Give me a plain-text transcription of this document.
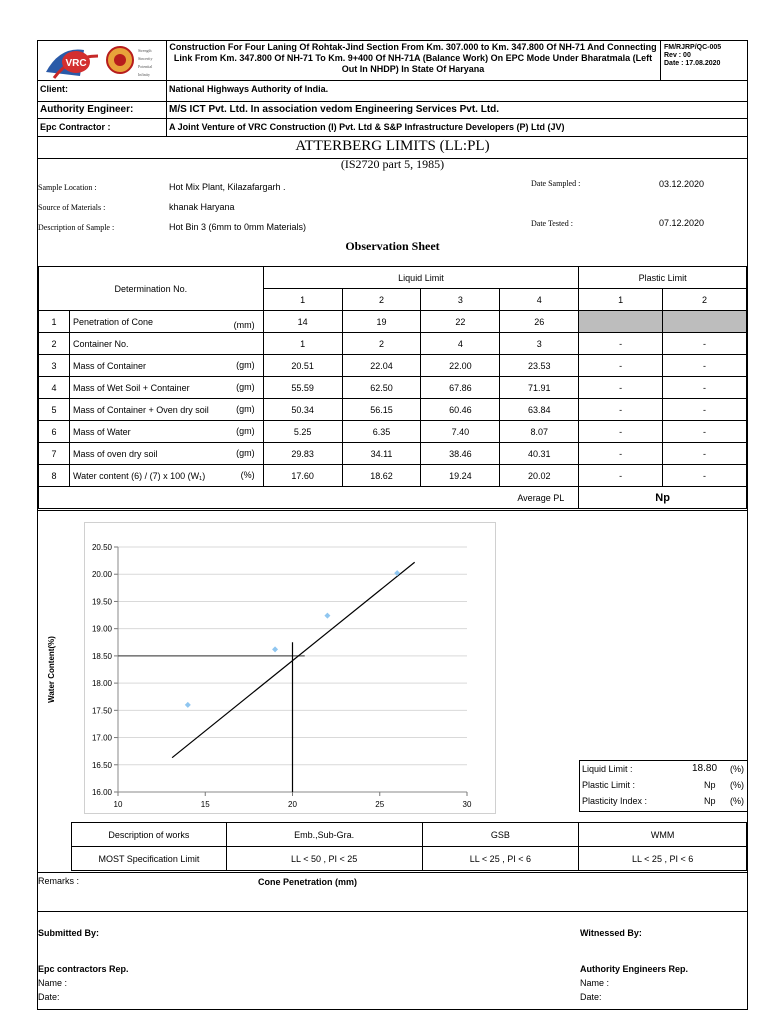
VRC
Strength
Sincerity
Potential
Infinity
Construction For Four Laning Of Rohtak-Jind Section From Km. 307.000 to Km. 347.800 Of NH-71 And Connecting Link From Km. 347.800 Of NH-71 To Km. 9+400 Of NH-71A (Balance Work) On EPC Mode Under Bharatmala (Left Out In NHDP) In State Of Haryana
FM/RJRP/QC-005
Rev : 00
Date : 17.08.2020
Client:	National Highways Authority of India.
Authority Engineer:	M/S ICT Pvt. Ltd. In association vedom Engineering Services Pvt. Ltd.
Epc Contractor :	A Joint Venture of VRC Construction (I) Pvt. Ltd & S&P Infrastructure Developers (P) Ltd (JV)
ATTERBERG LIMITS (LL:PL)
(IS2720 part 5, 1985)
Sample Location :	Hot Mix Plant, Kilazafargarh .
Source of Materials :	khanak Haryana
Description of Sample :	Hot Bin 3 (6mm to 0mm Materials)
Date Sampled :	03.12.2020
Date Tested :	07.12.2020
Observation Sheet
Determination No.		Liquid Limit				Plastic Limit	
		1	2	3	4	1	2
1	Penetration of Cone (mm)	14	19	22	26		
2	Container No.	1	2	4	3	-	-
3	Mass of Container (gm)	20.51	22.04	22.00	23.53	-	-
4	Mass of Wet Soil + Container (gm)	55.59	62.50	67.86	71.91	-	-
5	Mass of Container + Oven dry soil (gm)	50.34	56.15	60.46	63.84	-	-
6	Mass of Water (gm)	5.25	6.35	7.40	8.07	-	-
7	Mass of oven dry soil (gm)	29.83	34.11	38.46	40.31	-	-
8	Water content (6) / (7) x 100 (W₁) (%)	17.60	18.62	19.24	20.02	-	-
Average PL						Np	
16.00
16.50
17.00
17.50
18.00
18.50
19.00
19.50
20.00
20.50
10	15	20	25	30
Water Content(%)
Liquid Limit :	18.80 (%)
Plastic Limit :	Np (%)
Plasticity Index :	Np (%)
Description of works	Emb.,Sub-Gra.	GSB	WMM
MOST Specification Limit	LL < 50 , PI < 25	LL < 25 , PI < 6	LL < 25 , PI < 6
Remarks :	Cone Penetration (mm)
Submitted By:	Witnessed By:
Epc contractors Rep.	Authority Engineers Rep.
Name :	Name :
Date:	Date:
